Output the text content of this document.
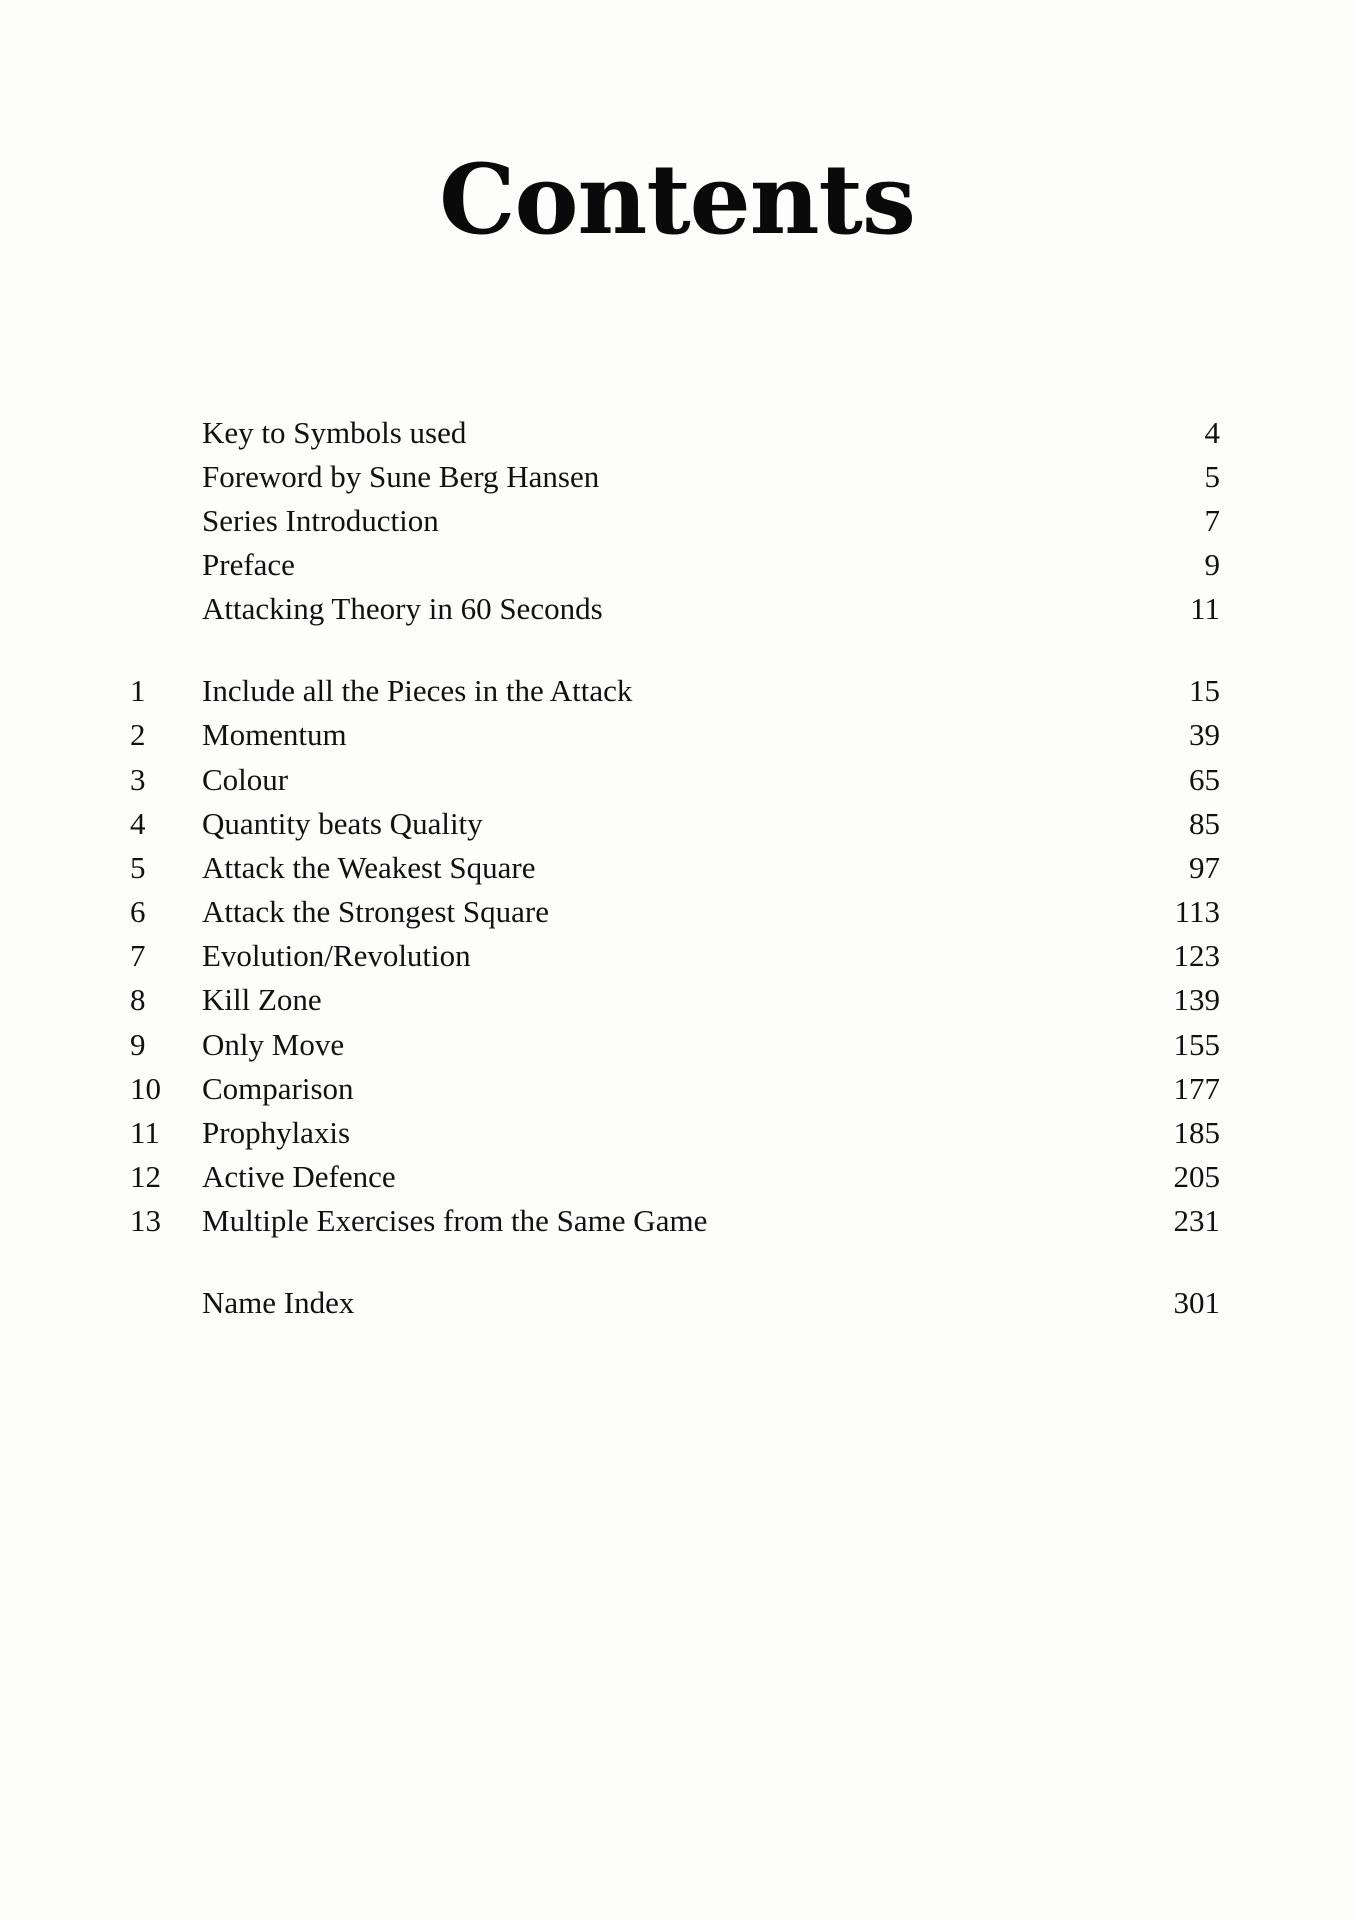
Contents
Key to Symbols used	4
Foreword by Sune Berg Hansen	5
Series Introduction	7
Preface	9
Attacking Theory in 60 Seconds	11
1	Include all the Pieces in the Attack	15
2	Momentum	39
3	Colour	65
4	Quantity beats Quality	85
5	Attack the Weakest Square	97
6	Attack the Strongest Square	113
7	Evolution/Revolution	123
8	Kill Zone	139
9	Only Move	155
10	Comparison	177
11	Prophylaxis	185
12	Active Defence	205
13	Multiple Exercises from the Same Game	231
Name Index	301
